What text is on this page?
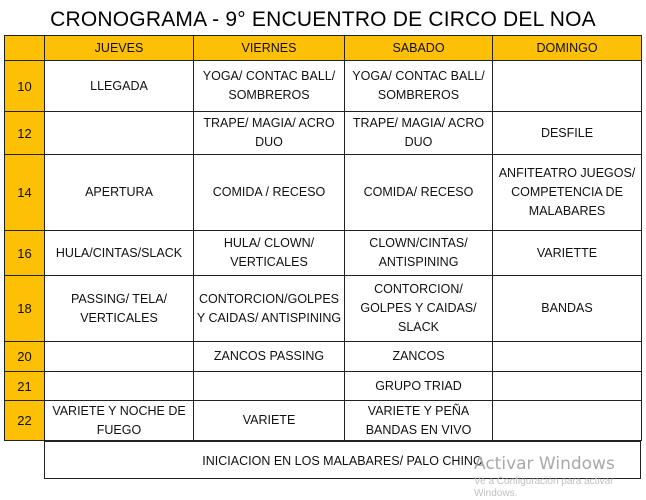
CRONOGRAMA - 9° ENCUENTRO DE CIRCO DEL NOA
	JUEVES	VIERNES	SABADO	DOMINGO
10	LLEGADA	YOGA/ CONTAC BALL/ SOMBREROS	YOGA/ CONTAC BALL/ SOMBREROS	
12		TRAPE/ MAGIA/ ACRO DUO	TRAPE/ MAGIA/ ACRO DUO	DESFILE
14	APERTURA	COMIDA / RECESO	COMIDA/ RECESO	ANFITEATRO JUEGOS/ COMPETENCIA DE MALABARES
16	HULA/CINTAS/SLACK	HULA/ CLOWN/ VERTICALES	CLOWN/CINTAS/ ANTISPINING	VARIETTE
18	PASSING/ TELA/ VERTICALES	CONTORCION/GOLPES Y CAIDAS/ ANTISPINING	CONTORCION/ GOLPES Y CAIDAS/ SLACK	BANDAS
20		ZANCOS PASSING	ZANCOS	
21			GRUPO TRIAD	
22	VARIETE Y NOCHE DE FUEGO	VARIETE	VARIETE Y PEÑA BANDAS EN VIVO	
INICIACION EN LOS MALABARES/ PALO CHINO
Activar Windows
Ve a Configuración para activar Windows.
